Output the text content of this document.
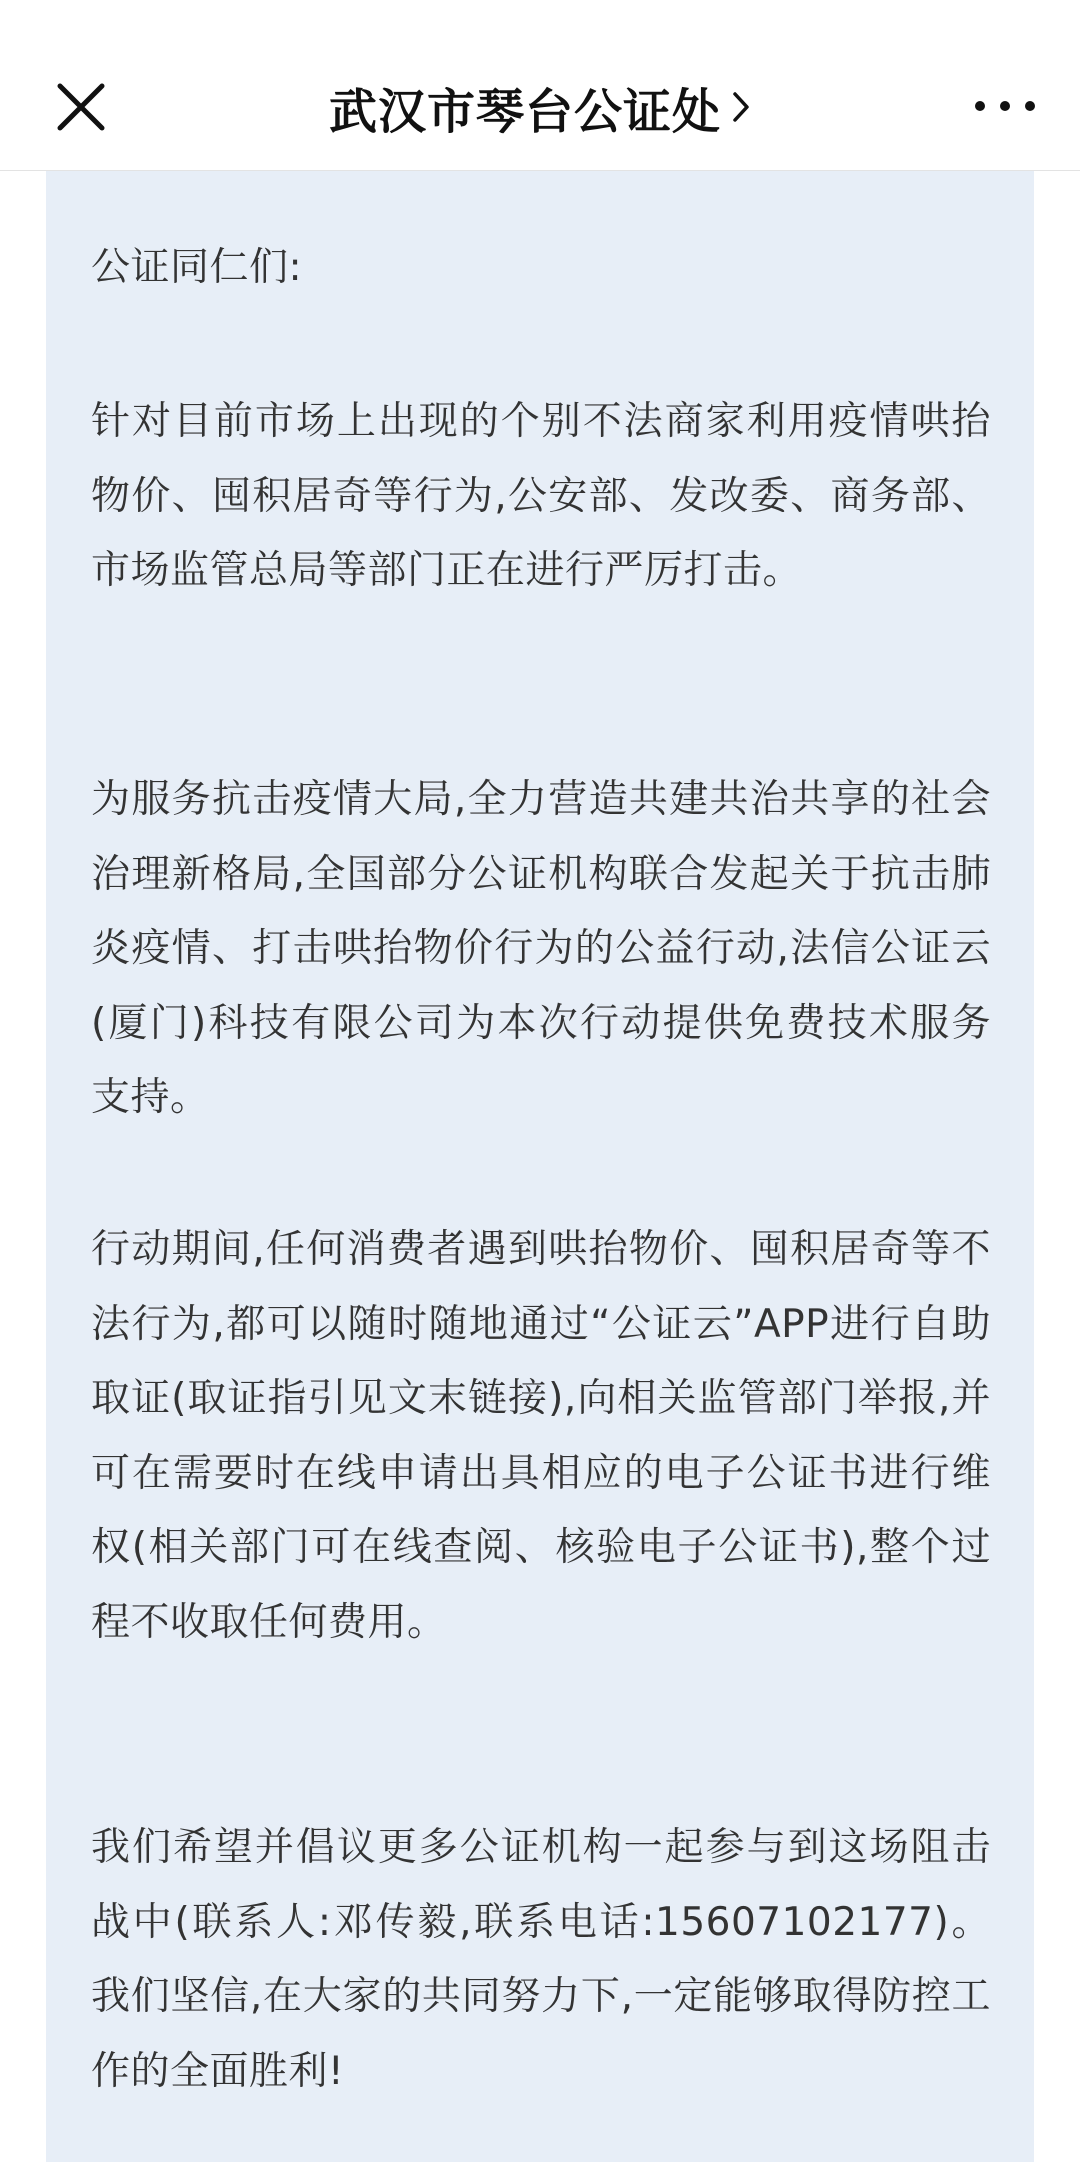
武汉市琴台公证处

公证同仁们:

针对目前市场上出现的个别不法商家利用疫情哄抬物价、囤积居奇等行为,公安部、发改委、商务部、市场监管总局等部门正在进行严厉打击。

为服务抗击疫情大局,全力营造共建共治共享的社会治理新格局,全国部分公证机构联合发起关于抗击肺炎疫情、打击哄抬物价行为的公益行动,法信公证云(厦门)科技有限公司为本次行动提供免费技术服务支持。

行动期间,任何消费者遇到哄抬物价、囤积居奇等不法行为,都可以随时随地通过“公证云”APP进行自助取证(取证指引见文末链接),向相关监管部门举报,并可在需要时在线申请出具相应的电子公证书进行维权(相关部门可在线查阅、核验电子公证书),整个过程不收取任何费用。

我们希望并倡议更多公证机构一起参与到这场阻击战中(联系人:邓传毅,联系电话:15607102177)。我们坚信,在大家的共同努力下,一定能够取得防控工作的全面胜利!
